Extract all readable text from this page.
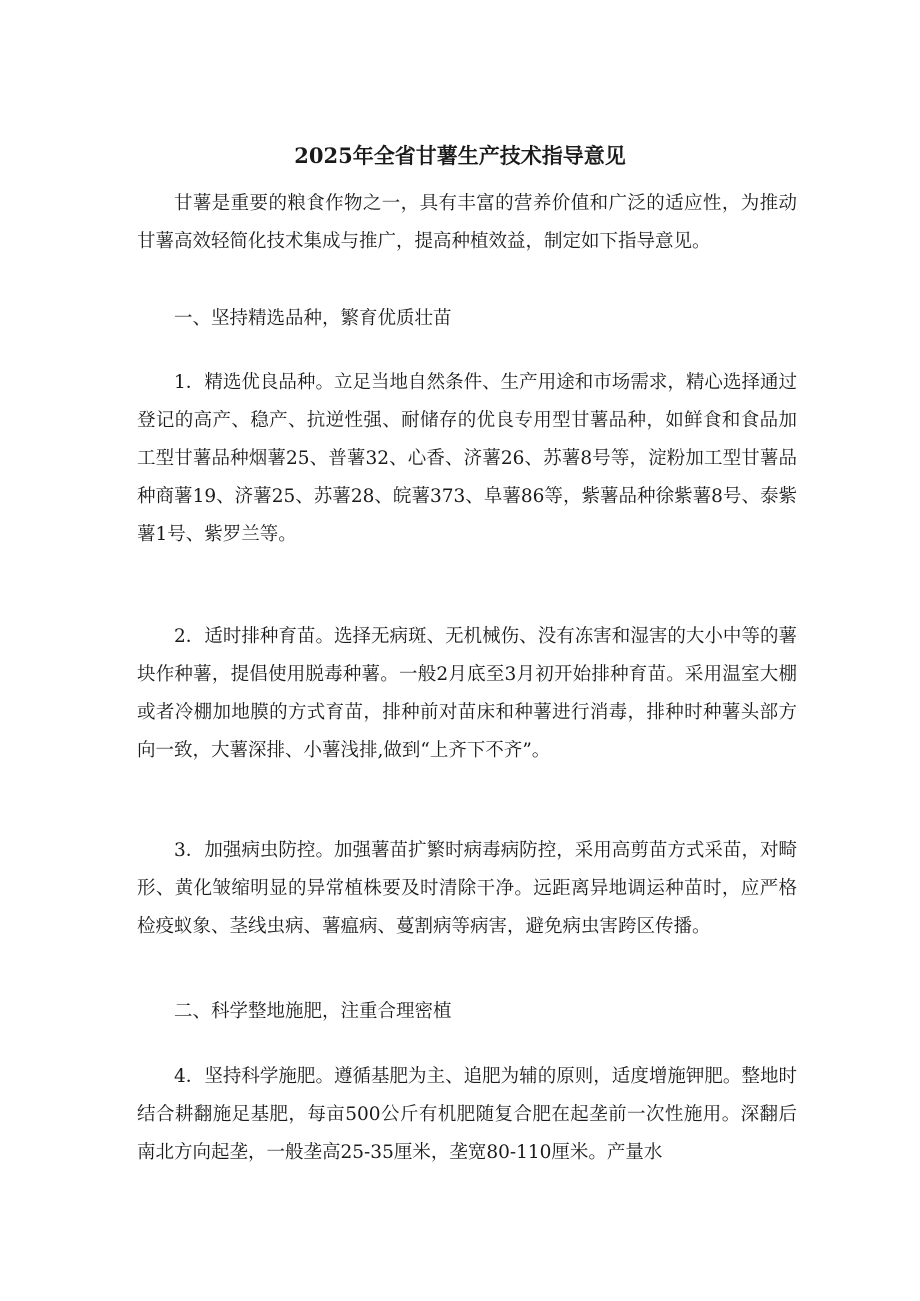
2025年全省甘薯生产技术指导意见

甘薯是重要的粮食作物之一，具有丰富的营养价值和广泛的适应性，为推动甘薯高效轻简化技术集成与推广，提高种植效益，制定如下指导意见。

一、坚持精选品种，繁育优质壮苗

1．精选优良品种。立足当地自然条件、生产用途和市场需求，精心选择通过登记的高产、稳产、抗逆性强、耐储存的优良专用型甘薯品种，如鲜食和食品加工型甘薯品种烟薯25、普薯32、心香、济薯26、苏薯8号等，淀粉加工型甘薯品种商薯19、济薯25、苏薯28、皖薯373、阜薯86等，紫薯品种徐紫薯8号、泰紫薯1号、紫罗兰等。

2．适时排种育苗。选择无病斑、无机械伤、没有冻害和湿害的大小中等的薯块作种薯，提倡使用脱毒种薯。一般2月底至3月初开始排种育苗。采用温室大棚或者冷棚加地膜的方式育苗，排种前对苗床和种薯进行消毒，排种时种薯头部方向一致，大薯深排、小薯浅排,做到“上齐下不齐”。

3．加强病虫防控。加强薯苗扩繁时病毒病防控，采用高剪苗方式采苗，对畸形、黄化皱缩明显的异常植株要及时清除干净。远距离异地调运种苗时，应严格检疫蚁象、茎线虫病、薯瘟病、蔓割病等病害，避免病虫害跨区传播。

二、科学整地施肥，注重合理密植

4．坚持科学施肥。遵循基肥为主、追肥为辅的原则，适度增施钾肥。整地时结合耕翻施足基肥，每亩500公斤有机肥随复合肥在起垄前一次性施用。深翻后南北方向起垄，一般垄高25-35厘米，垄宽80-110厘米。产量水
